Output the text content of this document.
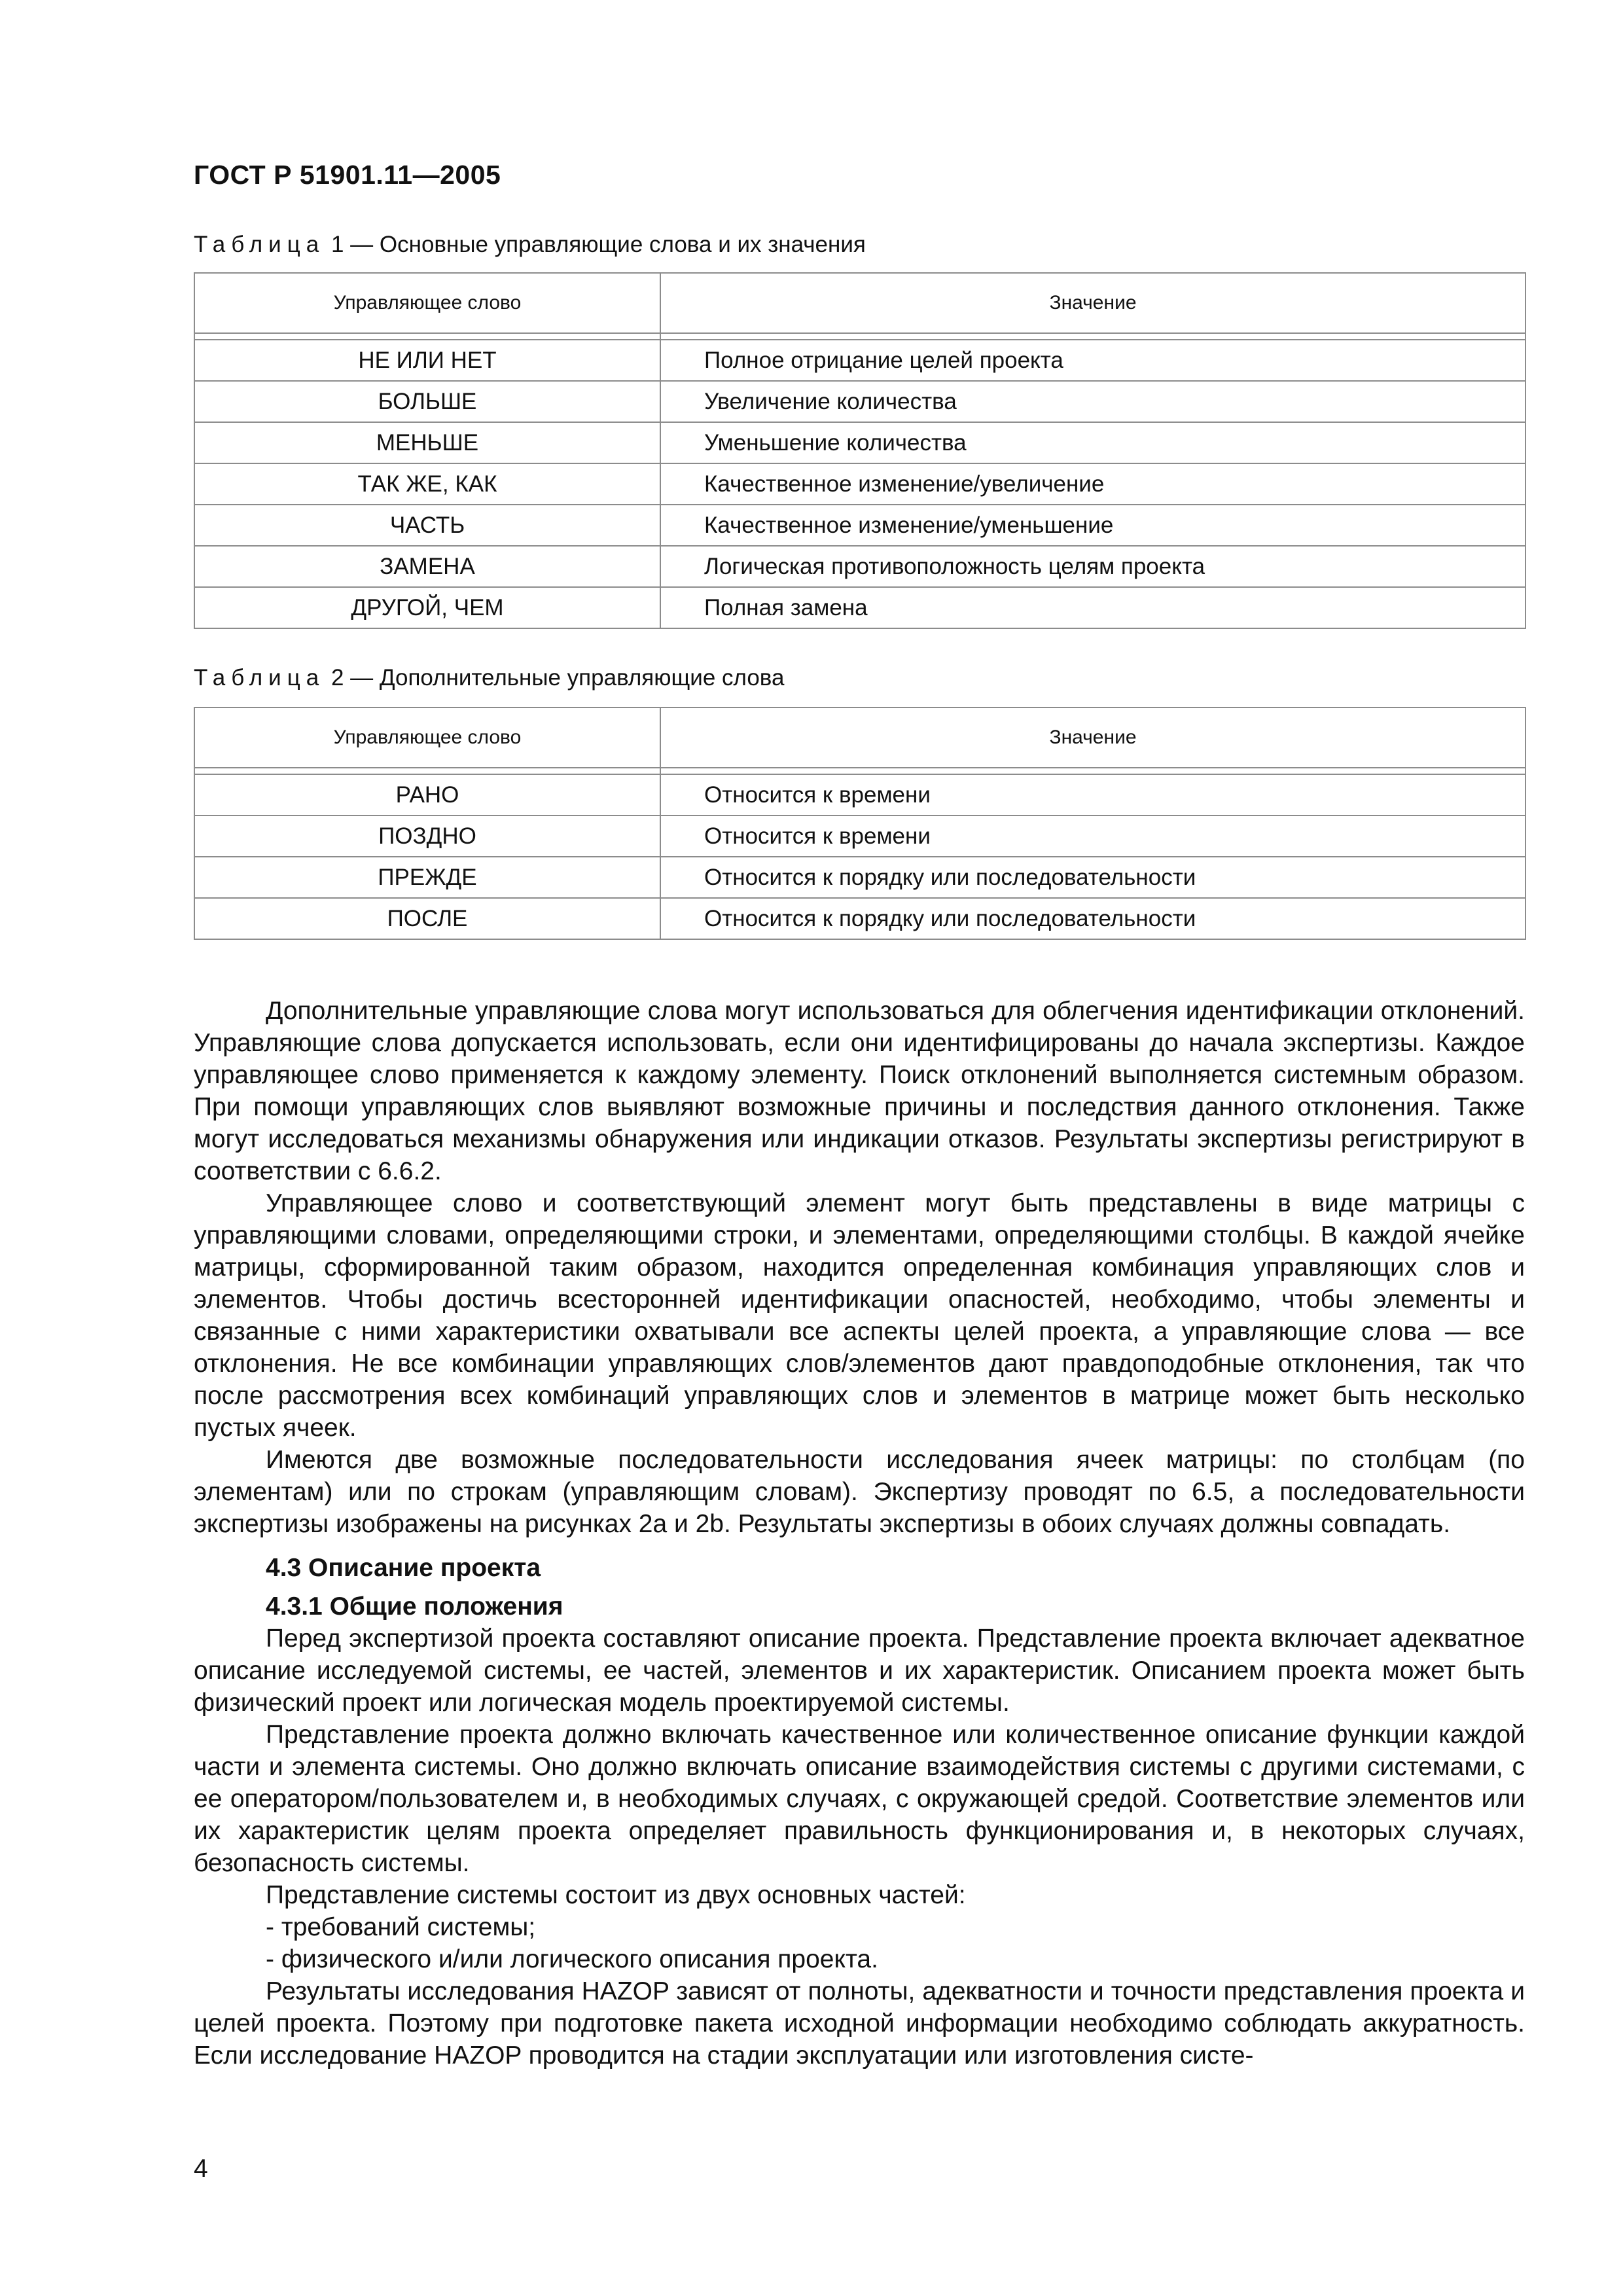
ГОСТ Р 51901.11—2005
Таблица 1 — Основные управляющие слова и их значения
Управляющее слово	Значение

НЕ ИЛИ НЕТ	Полное отрицание целей проекта
БОЛЬШЕ	Увеличение количества
МЕНЬШЕ	Уменьшение количества
ТАК ЖЕ, КАК	Качественное изменение/увеличение
ЧАСТЬ	Качественное изменение/уменьшение
ЗАМЕНА	Логическая противоположность целям проекта
ДРУГОЙ, ЧЕМ	Полная замена
Таблица 2 — Дополнительные управляющие слова
Управляющее слово	Значение

РАНО	Относится к времени
ПОЗДНО	Относится к времени
ПРЕЖДЕ	Относится к порядку или последовательности
ПОСЛЕ	Относится к порядку или последовательности

Дополнительные управляющие слова могут использоваться для облегчения идентификации отклонений. Управляющие слова допускается использовать, если они идентифицированы до начала экспертизы. Каждое управляющее слово применяется к каждому элементу. Поиск отклонений выполняется системным образом. При помощи управляющих слов выявляют возможные причины и последствия данного отклонения. Также могут исследоваться механизмы обнаружения или индикации отказов. Результаты экспертизы регистрируют в соответствии с 6.6.2.

Управляющее слово и соответствующий элемент могут быть представлены в виде матрицы с управляющими словами, определяющими строки, и элементами, определяющими столбцы. В каждой ячейке матрицы, сформированной таким образом, находится определенная комбинация управляющих слов и элементов. Чтобы достичь всесторонней идентификации опасностей, необходимо, чтобы элементы и связанные с ними характеристики охватывали все аспекты целей проекта, а управляющие слова — все отклонения. Не все комбинации управляющих слов/элементов дают правдоподобные отклонения, так что после рассмотрения всех комбинаций управляющих слов и элементов в матрице может быть несколько пустых ячеек.

Имеются две возможные последовательности исследования ячеек матрицы: по столбцам (по элементам) или по строкам (управляющим словам). Экспертизу проводят по 6.5, а последовательности экспертизы изображены на рисунках 2а и 2b. Результаты экспертизы в обоих случаях должны совпадать.

4.3 Описание проекта
4.3.1 Общие положения

Перед экспертизой проекта составляют описание проекта. Представление проекта включает адекватное описание исследуемой системы, ее частей, элементов и их характеристик. Описанием проекта может быть физический проект или логическая модель проектируемой системы.

Представление проекта должно включать качественное или количественное описание функции каждой части и элемента системы. Оно должно включать описание взаимодействия системы с другими системами, с ее оператором/пользователем и, в необходимых случаях, с окружающей средой. Соответствие элементов или их характеристик целям проекта определяет правильность функционирования и, в некоторых случаях, безопасность системы.

Представление системы состоит из двух основных частей:

- требований системы;
- физического и/или логического описания проекта.

Результаты исследования HAZOP зависят от полноты, адекватности и точности представления проекта и целей проекта. Поэтому при подготовке пакета исходной информации необходимо соблюдать аккуратность. Если исследование HAZOP проводится на стадии эксплуатации или изготовления систе-

4
